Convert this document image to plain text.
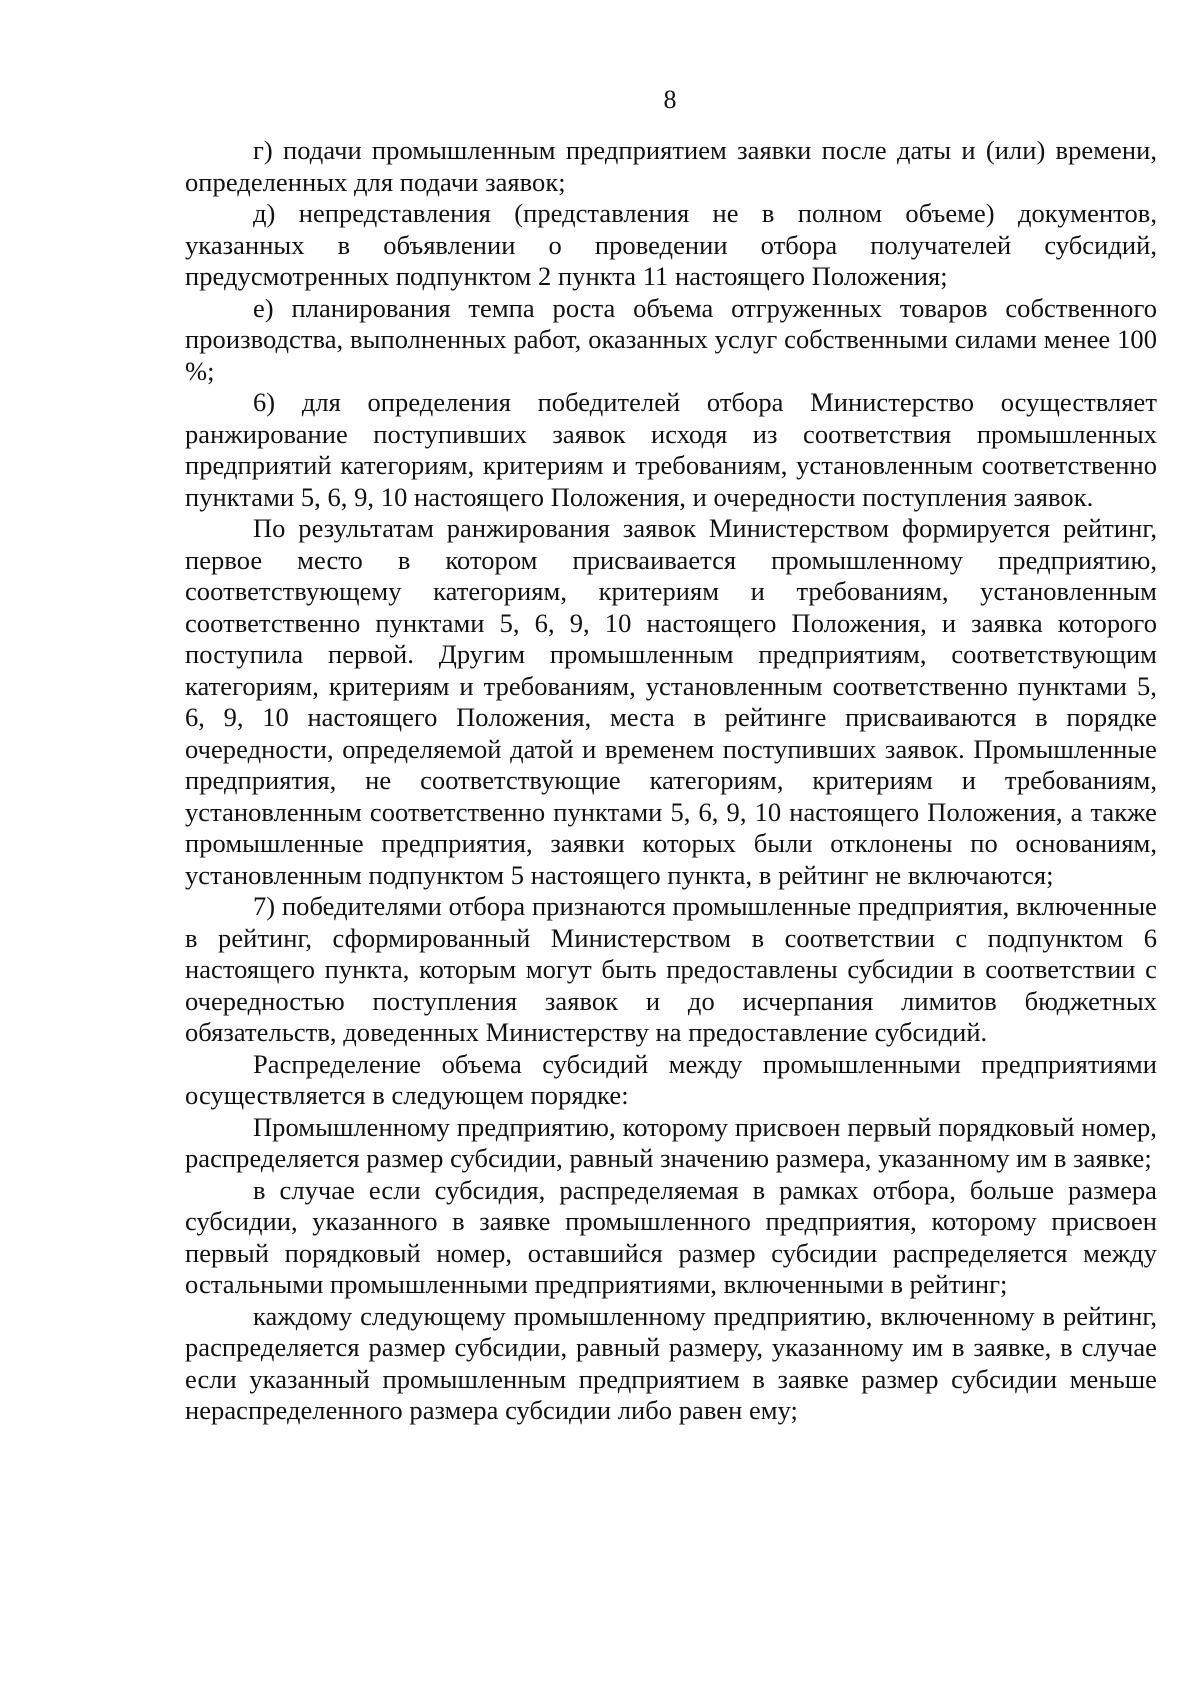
8

г) подачи промышленным предприятием заявки после даты и (или) времени, определенных для подачи заявок;

д) непредставления (представления не в полном объеме) документов, указанных в объявлении о проведении отбора получателей субсидий, предусмотренных подпунктом 2 пункта 11 настоящего Положения;

е) планирования темпа роста объема отгруженных товаров собственного производства, выполненных работ, оказанных услуг собственными силами менее 100 %;

6) для определения победителей отбора Министерство осуществляет ранжирование поступивших заявок исходя из соответствия промышленных предприятий категориям, критериям и требованиям, установленным соответственно пунктами 5, 6, 9, 10 настоящего Положения, и очередности поступления заявок.

По результатам ранжирования заявок Министерством формируется рейтинг, первое место в котором присваивается промышленному предприятию, соответствующему категориям, критериям и требованиям, установленным соответственно пунктами 5, 6, 9, 10 настоящего Положения, и заявка которого поступила первой. Другим промышленным предприятиям, соответствующим категориям, критериям и требованиям, установленным соответственно пунктами 5, 6, 9, 10 настоящего Положения, места в рейтинге присваиваются в порядке очередности, определяемой датой и временем поступивших заявок. Промышленные предприятия, не соответствующие категориям, критериям и требованиям, установленным соответственно пунктами 5, 6, 9, 10 настоящего Положения, а также промышленные предприятия, заявки которых были отклонены по основаниям, установленным подпунктом 5 настоящего пункта, в рейтинг не включаются;

7) победителями отбора признаются промышленные предприятия, включенные в рейтинг, сформированный Министерством в соответствии с подпунктом 6 настоящего пункта, которым могут быть предоставлены субсидии в соответствии с очередностью поступления заявок и до исчерпания лимитов бюджетных обязательств, доведенных Министерству на предоставление субсидий.

Распределение объема субсидий между промышленными предприятиями осуществляется в следующем порядке:

Промышленному предприятию, которому присвоен первый порядковый номер, распределяется размер субсидии, равный значению размера, указанному им в заявке;

в случае если субсидия, распределяемая в рамках отбора, больше размера субсидии, указанного в заявке промышленного предприятия, которому присвоен первый порядковый номер, оставшийся размер субсидии распределяется между остальными промышленными предприятиями, включенными в рейтинг;

каждому следующему промышленному предприятию, включенному в рейтинг, распределяется размер субсидии, равный размеру, указанному им в заявке, в случае если указанный промышленным предприятием в заявке размер субсидии меньше нераспределенного размера субсидии либо равен ему;
